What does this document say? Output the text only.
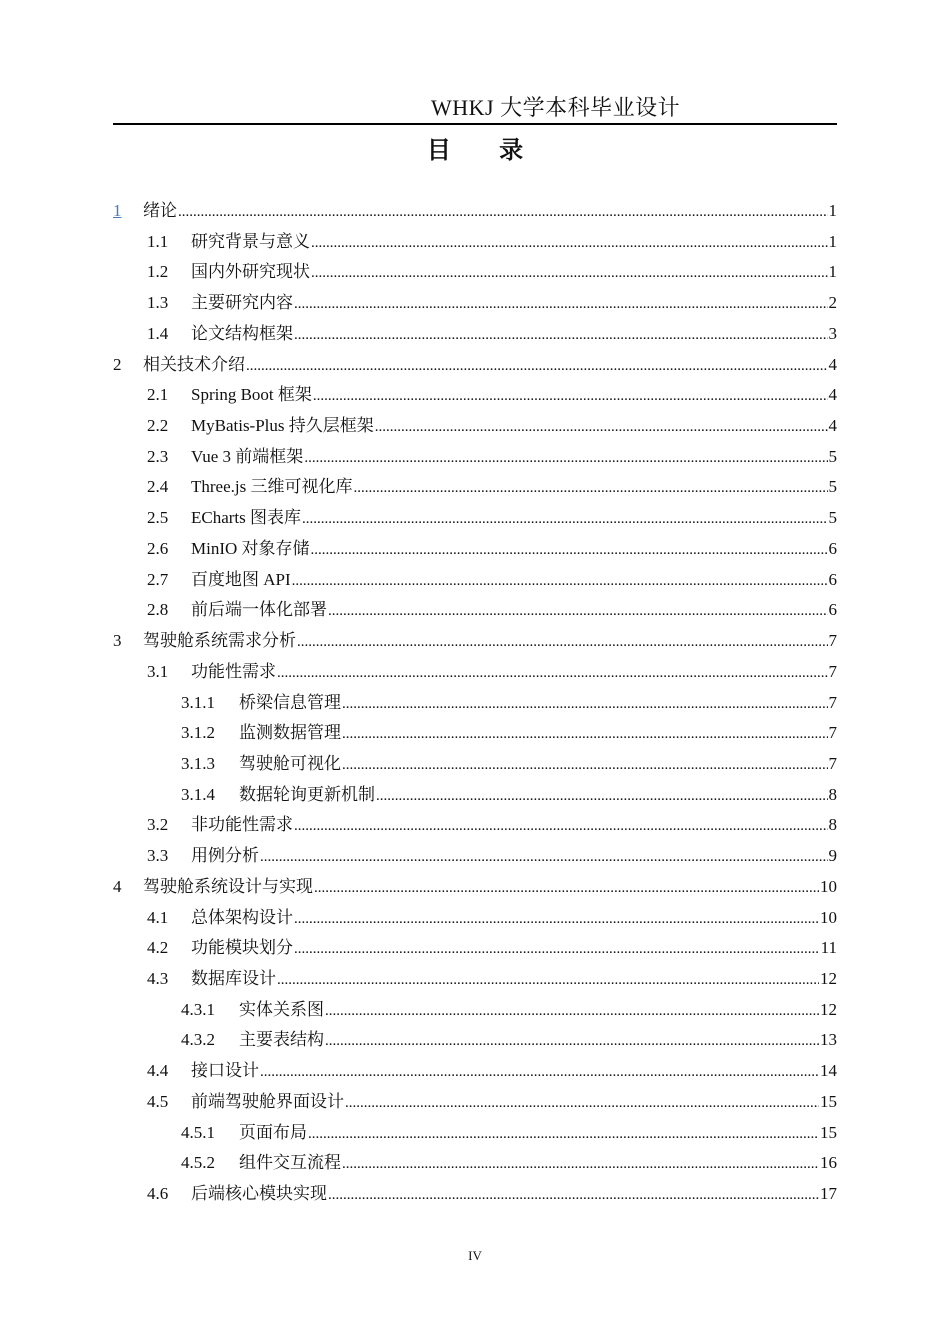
WHKJ 大学本科毕业设计
目 录
1	绪论 .....	1
1.1	研究背景与意义 .....	1
1.2	国内外研究现状 .....	1
1.3	主要研究内容 .....	2
1.4	论文结构框架 .....	3
2	相关技术介绍 .....	4
2.1	Spring Boot 框架 .....	4
2.2	MyBatis-Plus 持久层框架 .....	4
2.3	Vue 3 前端框架 .....	5
2.4	Three.js 三维可视化库 .....	5
2.5	ECharts 图表库 .....	5
2.6	MinIO 对象存储 .....	6
2.7	百度地图 API .....	6
2.8	前后端一体化部署 .....	6
3	驾驶舱系统需求分析 .....	7
3.1	功能性需求 .....	7
3.1.1	桥梁信息管理 .....	7
3.1.2	监测数据管理 .....	7
3.1.3	驾驶舱可视化 .....	7
3.1.4	数据轮询更新机制 .....	8
3.2	非功能性需求 .....	8
3.3	用例分析 .....	9
4	驾驶舱系统设计与实现 .....	10
4.1	总体架构设计 .....	10
4.2	功能模块划分 .....	11
4.3	数据库设计 .....	12
4.3.1	实体关系图 .....	12
4.3.2	主要表结构 .....	13
4.4	接口设计 .....	14
4.5	前端驾驶舱界面设计 .....	15
4.5.1	页面布局 .....	15
4.5.2	组件交互流程 .....	16
4.6	后端核心模块实现 .....	17
IV
